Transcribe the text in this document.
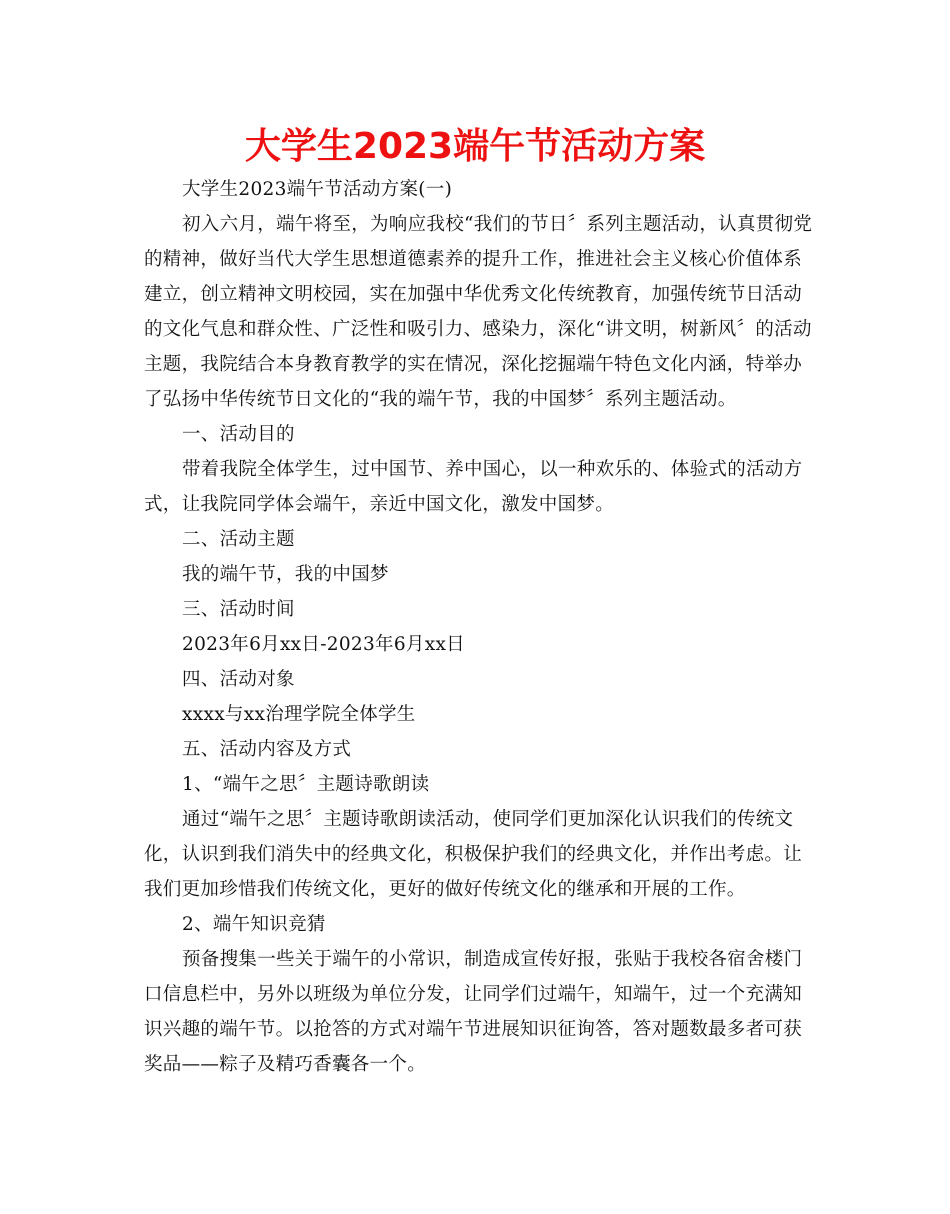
大学生2023端午节活动方案
大学生2023端午节活动方案(一)
初入六月，端午将至，为响应我校“我们的节日〞系列主题活动，认真贯彻党
的精神，做好当代大学生思想道德素养的提升工作，推进社会主义核心价值体系
建立，创立精神文明校园，实在加强中华优秀文化传统教育，加强传统节日活动
的文化气息和群众性、广泛性和吸引力、感染力，深化“讲文明，树新风〞的活动
主题，我院结合本身教育教学的实在情况，深化挖掘端午特色文化内涵，特举办
了弘扬中华传统节日文化的“我的端午节，我的中国梦〞系列主题活动。
一、活动目的
带着我院全体学生，过中国节、养中国心，以一种欢乐的、体验式的活动方
式，让我院同学体会端午，亲近中国文化，激发中国梦。
二、活动主题
我的端午节，我的中国梦
三、活动时间
2023年6月xx日-2023年6月xx日
四、活动对象
xxxx与xx治理学院全体学生
五、活动内容及方式
1、“端午之思〞主题诗歌朗读
通过“端午之思〞主题诗歌朗读活动，使同学们更加深化认识我们的传统文
化，认识到我们消失中的经典文化，积极保护我们的经典文化，并作出考虑。让
我们更加珍惜我们传统文化，更好的做好传统文化的继承和开展的工作。
2、端午知识竞猜
预备搜集一些关于端午的小常识，制造成宣传好报，张贴于我校各宿舍楼门
口信息栏中，另外以班级为单位分发，让同学们过端午，知端午，过一个充满知
识兴趣的端午节。以抢答的方式对端午节进展知识征询答，答对题数最多者可获
奖品——粽子及精巧香囊各一个。
